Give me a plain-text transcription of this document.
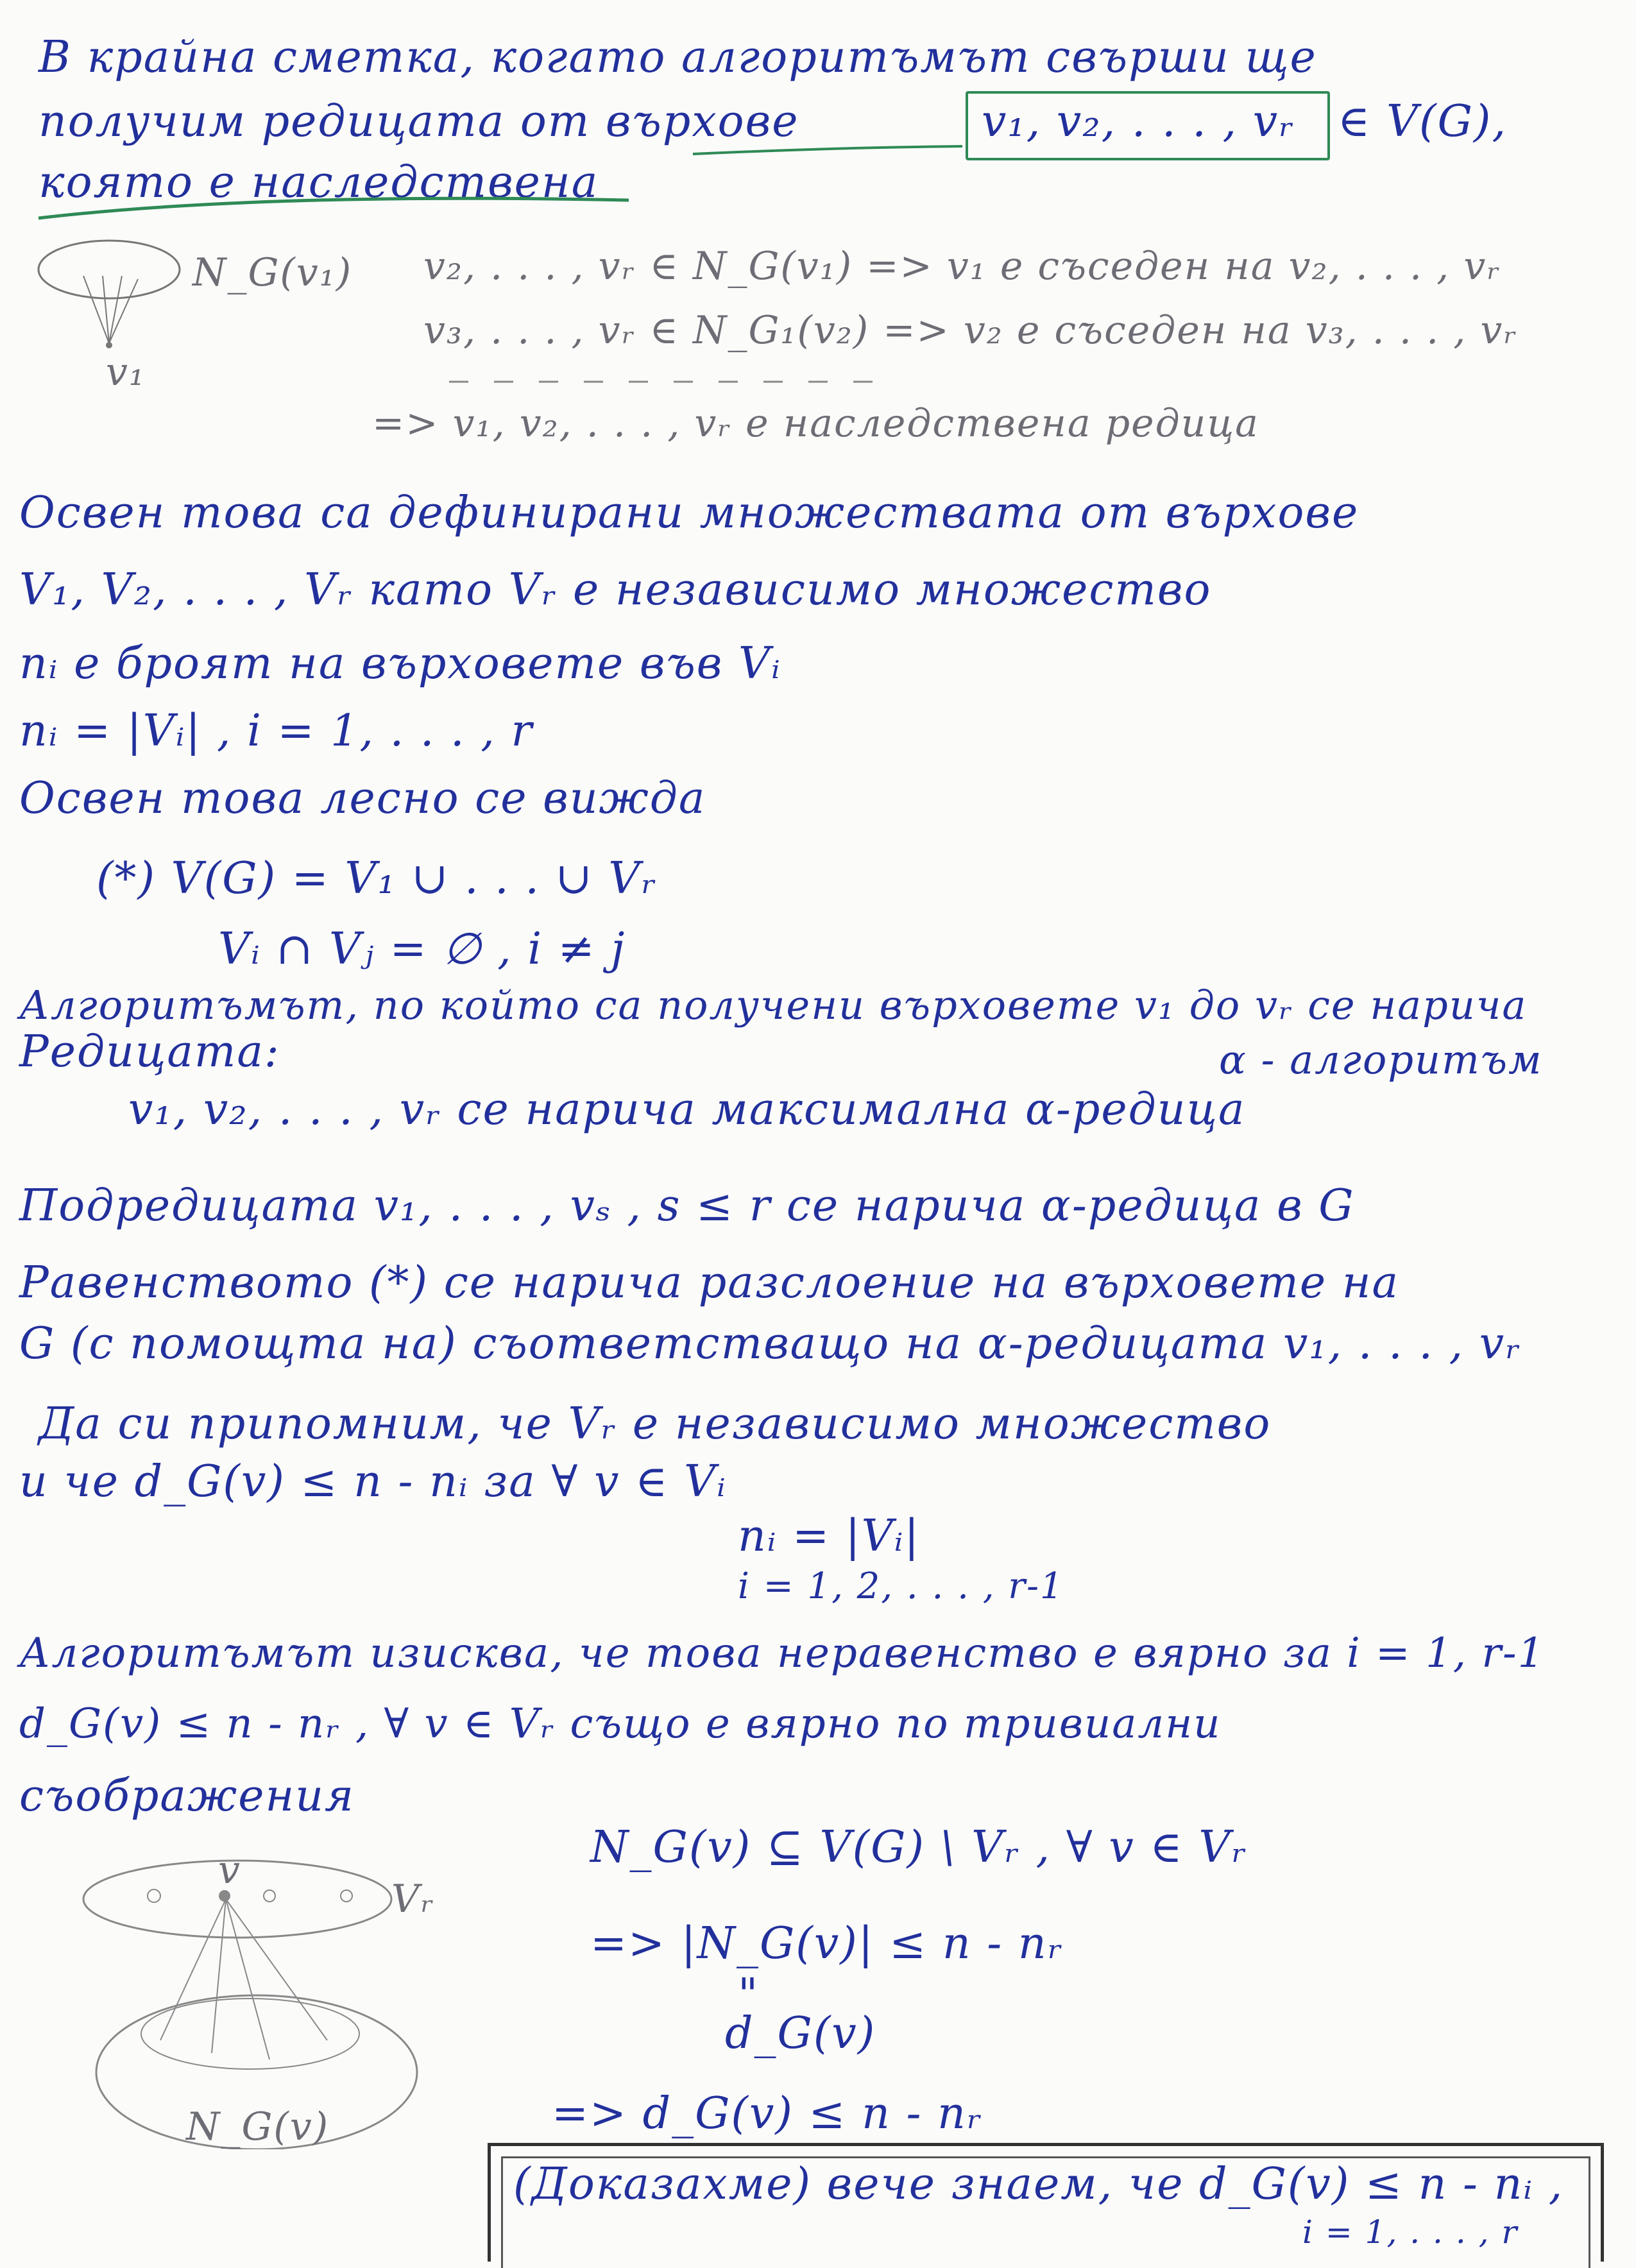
В крайна сметка, когато алгоритъмът свърши ще
получим редицата от върхове	v₁, v₂, . . . , vᵣ ∈ V(G),
която е наследствена
N_G(v₁)
v₁
v₂, . . . , vᵣ ∈ N_G(v₁) => v₁ е съседен на v₂, . . . , vᵣ
v₃, . . . , vᵣ ∈ N_G₁(v₂) => v₂ е съседен на v₃, . . . , vᵣ
=> v₁, v₂, . . . , vᵣ е наследствена редица
Освен това са дефинирани множествата от върхове
V₁, V₂, . . . , Vᵣ като Vᵣ е независимо множество
nᵢ е броят на върховете във Vᵢ
nᵢ = |Vᵢ| , i = 1, . . . , r
Освен това лесно се вижда
(*) V(G) = V₁ ∪ . . . ∪ Vᵣ
Vᵢ ∩ Vⱼ = ∅ , i ≠ j
Алгоритъмът, по който са получени върховете v₁ до vᵣ се нарича
α - алгоритъм
Редицата:
v₁, v₂, . . . , vᵣ се нарича максимална α-редица
Подредицата v₁, . . . , vₛ , s ≤ r се нарича α-редица в G
Равенството (*) се нарича разслоение на върховете на
G (с помощта на) съответстващо на α-редицата v₁, . . . , vᵣ
Да си припомним, че Vᵣ е независимо множество
и че d_G(v) ≤ n - nᵢ за ∀ v ∈ Vᵢ
nᵢ = |Vᵢ|
i = 1, 2, . . . , r-1
Алгоритъмът изисква, че това неравенство е вярно за i = 1, r-1
d_G(v) ≤ n - nᵣ , ∀ v ∈ Vᵣ също е вярно по тривиални
съображения
v
Vᵣ
N_G(v)
N_G(v) ⊆ V(G) \ Vᵣ , ∀ v ∈ Vᵣ
=> |N_G(v)| ≤ n - nᵣ
"
d_G(v)
=> d_G(v) ≤ n - nᵣ
(Доказахме) вече знаем, че d_G(v) ≤ n - nᵢ ,
i = 1, . . . , r
